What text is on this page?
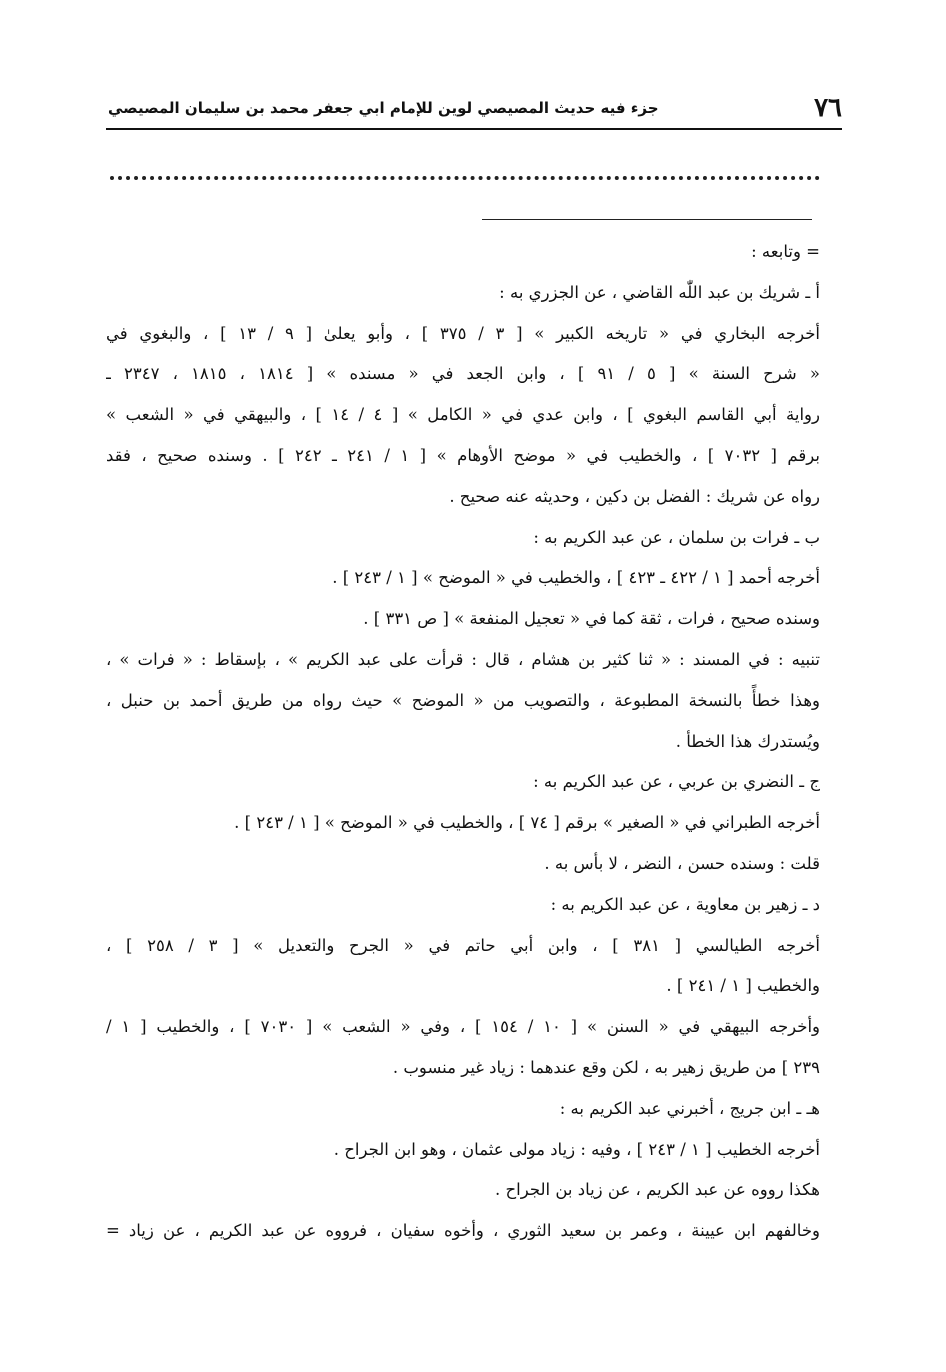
٧٦
جزء فيه حديث المصيصي لوين للإمام ابي جعفر محمد بن سليمان المصيصي
= وتابعه :
أ ـ شريك بن عبد اللّٰه القاضي ، عن الجزري به :
أخرجه البخاري في « تاريخه الكبير » [ ٣ / ٣٧٥ ] ، وأبو يعلىٰ [ ٩ / ١٣ ] ، والبغوي في
« شرح السنة » [ ٥ / ٩١ ] ، وابن الجعد في « مسنده » [ ١٨١٤ ، ١٨١٥ ، ٢٣٤٧ ـ
رواية أبي القاسم البغوي ] ، وابن عدي في « الكامل » [ ٤ / ١٤ ] ، والبيهقي في « الشعب »
برقم [ ٧٠٣٢ ] ، والخطيب في « موضح الأوهام » [ ١ / ٢٤١ ـ ٢٤٢ ] . وسنده صحيح ، فقد
رواه عن شريك : الفضل بن دكين ، وحديثه عنه صحيح .
ب ـ فرات بن سلمان ، عن عبد الكريم به :
أخرجه أحمد [ ١ / ٤٢٢ ـ ٤٢٣ ] ، والخطيب في « الموضح » [ ١ / ٢٤٣ ] .
وسنده صحيح ، فرات ، ثقة كما في « تعجيل المنفعة » [ ص ٣٣١ ] .
تنبيه : في المسند : « ثنا كثير بن هشام ، قال : قرأت على عبد الكريم » ، بإسقاط : « فرات » ،
وهذا خطأً بالنسخة المطبوعة ، والتصويب من « الموضح » حيث رواه من طريق أحمد بن حنبل ،
ويُستدرك هذا الخطأ .
ج ـ النضري بن عربي ، عن عبد الكريم به :
أخرجه الطبراني في « الصغير » برقم [ ٧٤ ] ، والخطيب في « الموضح » [ ١ / ٢٤٣ ] .
قلت : وسنده حسن ، النضر ، لا بأس به .
د ـ زهير بن معاوية ، عن عبد الكريم به :
أخرجه الطيالسي [ ٣٨١ ] ، وابن أبي حاتم في « الجرح والتعديل » [ ٣ / ٢٥٨ ] ،
والخطيب [ ١ / ٢٤١ ] .
وأخرجه البيهقي في « السنن » [ ١٠ / ١٥٤ ] ، وفي « الشعب » [ ٧٠٣٠ ] ، والخطيب [ ١ /
٢٣٩ ] من طريق زهير به ، لكن وقع عندهما : زياد غير منسوب .
هـ ـ ابن جريج ، أخبرني عبد الكريم به :
أخرجه الخطيب [ ١ / ٢٤٣ ] ، وفيه : زياد مولى عثمان ، وهو ابن الجراح .
هكذا رووه عن عبد الكريم ، عن زياد بن الجراح .
وخالفهم ابن عيينة ، وعمر بن سعيد الثوري ، وأخوه سفيان ، فرووه عن عبد الكريم ، عن زياد =
